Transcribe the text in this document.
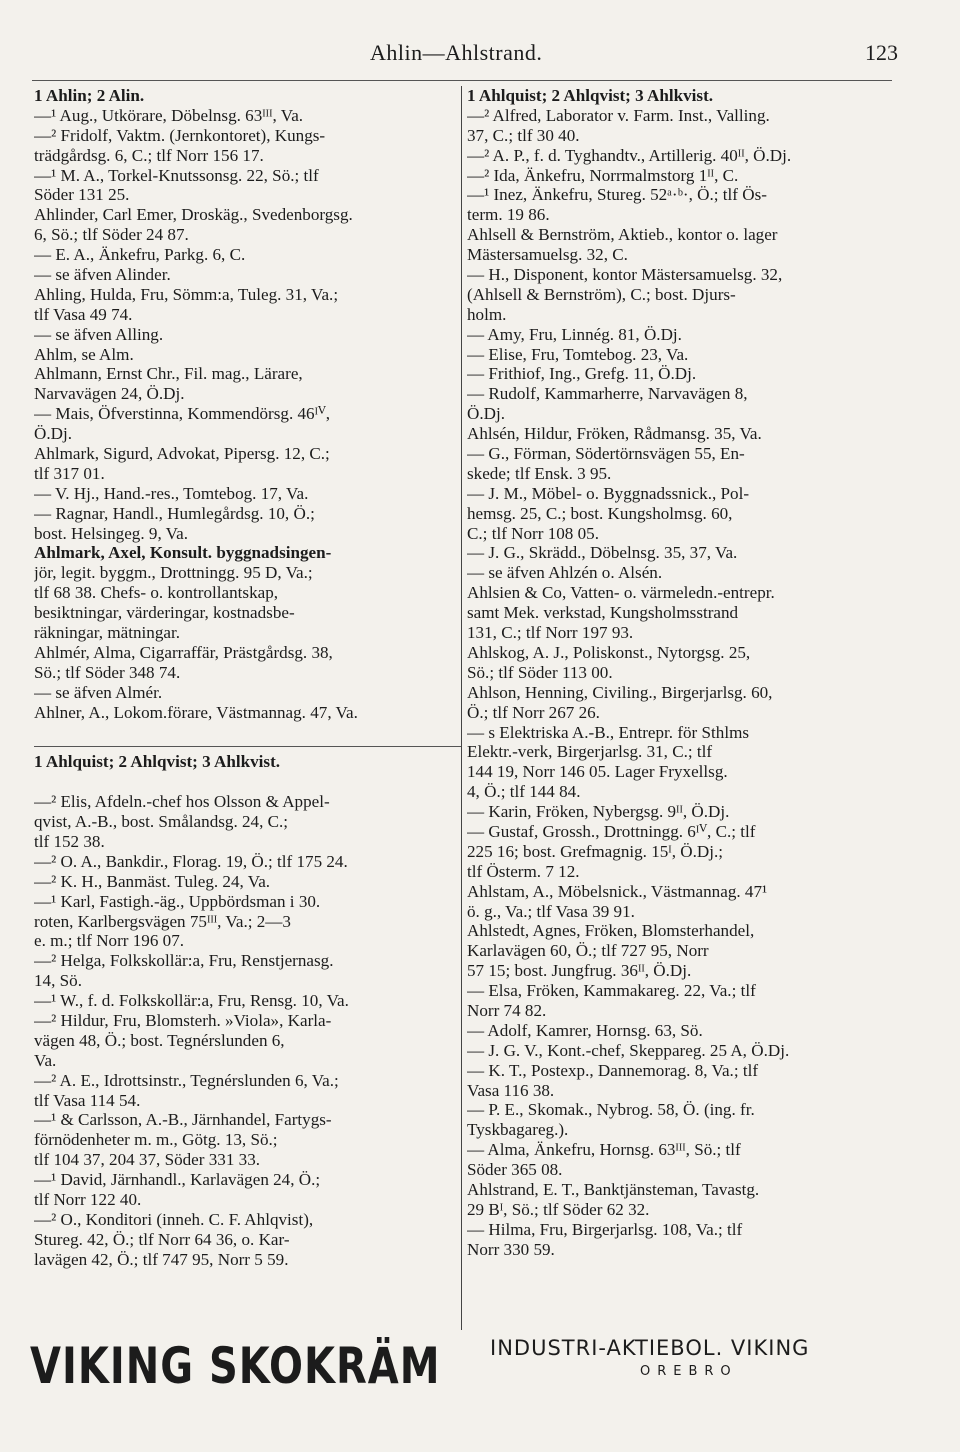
Ahlin—Ahlstrand.	123
1 Ahlin; 2 Alin.
—¹ Aug., Utkörare, Döbelnsg. 63ᴵᴵᴵ, Va.
—² Fridolf, Vaktm. (Jernkontoret), Kungs-
trädgårdsg. 6, C.; tlf Norr 156 17.
—¹ M. A., Torkel-Knutssonsg. 22, Sö.; tlf
Söder 131 25.
Ahlinder, Carl Emer, Droskäg., Svedenborgsg.
6, Sö.; tlf Söder 24 87.
— E. A., Änkefru, Parkg. 6, C.
— se äfven Alinder.
Ahling, Hulda, Fru, Sömm:a, Tuleg. 31, Va.;
tlf Vasa 49 74.
— se äfven Alling.
Ahlm, se Alm.
Ahlmann, Ernst Chr., Fil. mag., Lärare,
Narvavägen 24, Ö.Dj.
— Mais, Öfverstinna, Kommendörsg. 46ᴵⱽ,
Ö.Dj.
Ahlmark, Sigurd, Advokat, Pipersg. 12, C.;
tlf 317 01.
— V. Hj., Hand.-res., Tomtebog. 17, Va.
— Ragnar, Handl., Humlegårdsg. 10, Ö.;
bost. Helsingeg. 9, Va.
Ahlmark, Axel, Konsult. byggnadsingen-
jör, legit. byggm., Drottningg. 95 D, Va.;
tlf 68 38. Chefs- o. kontrollantskap,
besiktningar, värderingar, kostnadsbe-
räkningar, mätningar.
Ahlmér, Alma, Cigarraffär, Prästgårdsg. 38,
Sö.; tlf Söder 348 74.
— se äfven Almér.
Ahlner, A., Lokom.förare, Västmannag. 47, Va.
1 Ahlquist; 2 Ahlqvist; 3 Ahlkvist.
—² Elis, Afdeln.-chef hos Olsson & Appel-
qvist, A.-B., bost. Smålandsg. 24, C.;
tlf 152 38.
—² O. A., Bankdir., Florag. 19, Ö.; tlf 175 24.
—² K. H., Banmäst. Tuleg. 24, Va.
—¹ Karl, Fastigh.-äg., Uppbördsman i 30.
roten, Karlbergsvägen 75ᴵᴵᴵ, Va.; 2—3
e. m.; tlf Norr 196 07.
—² Helga, Folkskollär:a, Fru, Renstjernasg.
14, Sö.
—¹ W., f. d. Folkskollär:a, Fru, Rensg. 10, Va.
—² Hildur, Fru, Blomsterh. »Viola», Karla-
vägen 48, Ö.; bost. Tegnérslunden 6,
Va.
—² A. E., Idrottsinstr., Tegnérslunden 6, Va.;
tlf Vasa 114 54.
—¹ & Carlsson, A.-B., Järnhandel, Fartygs-
förnödenheter m. m., Götg. 13, Sö.;
tlf 104 37, 204 37, Söder 331 33.
—¹ David, Järnhandl., Karlavägen 24, Ö.;
tlf Norr 122 40.
—² O., Konditori (inneh. C. F. Ahlqvist),
Stureg. 42, Ö.; tlf Norr 64 36, o. Kar-
lavägen 42, Ö.; tlf 747 95, Norr 5 59.
1 Ahlquist; 2 Ahlqvist; 3 Ahlkvist.
—² Alfred, Laborator v. Farm. Inst., Valling.
37, C.; tlf 30 40.
—² A. P., f. d. Tyghandtv., Artillerig. 40ᴵᴵ, Ö.Dj.
—² Ida, Änkefru, Norrmalmstorg 1ᴵᴵ, C.
—¹ Inez, Änkefru, Stureg. 52ᵃ·ᵇ·, Ö.; tlf Ös-
term. 19 86.
Ahlsell & Bernström, Aktieb., kontor o. lager
Mästersamuelsg. 32, C.
— H., Disponent, kontor Mästersamuelsg. 32,
(Ahlsell & Bernström), C.; bost. Djurs-
holm.
— Amy, Fru, Linnég. 81, Ö.Dj.
— Elise, Fru, Tomtebog. 23, Va.
— Frithiof, Ing., Grefg. 11, Ö.Dj.
— Rudolf, Kammarherre, Narvavägen 8,
Ö.Dj.
Ahlsén, Hildur, Fröken, Rådmansg. 35, Va.
— G., Förman, Södertörnsvägen 55, En-
skede; tlf Ensk. 3 95.
— J. M., Möbel- o. Byggnadssnick., Pol-
hemsg. 25, C.; bost. Kungsholmsg. 60,
C.; tlf Norr 108 05.
— J. G., Skrädd., Döbelnsg. 35, 37, Va.
— se äfven Ahlzén o. Alsén.
Ahlsien & Co, Vatten- o. värmeledn.-entrepr.
samt Mek. verkstad, Kungsholmsstrand
131, C.; tlf Norr 197 93.
Ahlskog, A. J., Poliskonst., Nytorgsg. 25,
Sö.; tlf Söder 113 00.
Ahlson, Henning, Civiling., Birgerjarlsg. 60,
Ö.; tlf Norr 267 26.
— s Elektriska A.-B., Entrepr. för Sthlms
Elektr.-verk, Birgerjarlsg. 31, C.; tlf
144 19, Norr 146 05. Lager Fryxellsg.
4, Ö.; tlf 144 84.
— Karin, Fröken, Nybergsg. 9ᴵᴵ, Ö.Dj.
— Gustaf, Grossh., Drottningg. 6ᴵⱽ, C.; tlf
225 16; bost. Grefmagnig. 15ᴵ, Ö.Dj.;
tlf Österm. 7 12.
Ahlstam, A., Möbelsnick., Västmannag. 47¹
ö. g., Va.; tlf Vasa 39 91.
Ahlstedt, Agnes, Fröken, Blomsterhandel,
Karlavägen 60, Ö.; tlf 727 95, Norr
57 15; bost. Jungfrug. 36ᴵᴵ, Ö.Dj.
— Elsa, Fröken, Kammakareg. 22, Va.; tlf
Norr 74 82.
— Adolf, Kamrer, Hornsg. 63, Sö.
— J. G. V., Kont.-chef, Skeppareg. 25 A, Ö.Dj.
— K. T., Postexp., Dannemorag. 8, Va.; tlf
Vasa 116 38.
— P. E., Skomak., Nybrog. 58, Ö. (ing. fr.
Tyskbagareg.).
— Alma, Änkefru, Hornsg. 63ᴵᴵᴵ, Sö.; tlf
Söder 365 08.
Ahlstrand, E. T., Banktjänsteman, Tavastg.
29 Bᴵ, Sö.; tlf Söder 62 32.
— Hilma, Fru, Birgerjarlsg. 108, Va.; tlf
Norr 330 59.
VIKING SKOKRÄM	INDUSTRI-AKTIEBOL. VIKING
OREBRO
